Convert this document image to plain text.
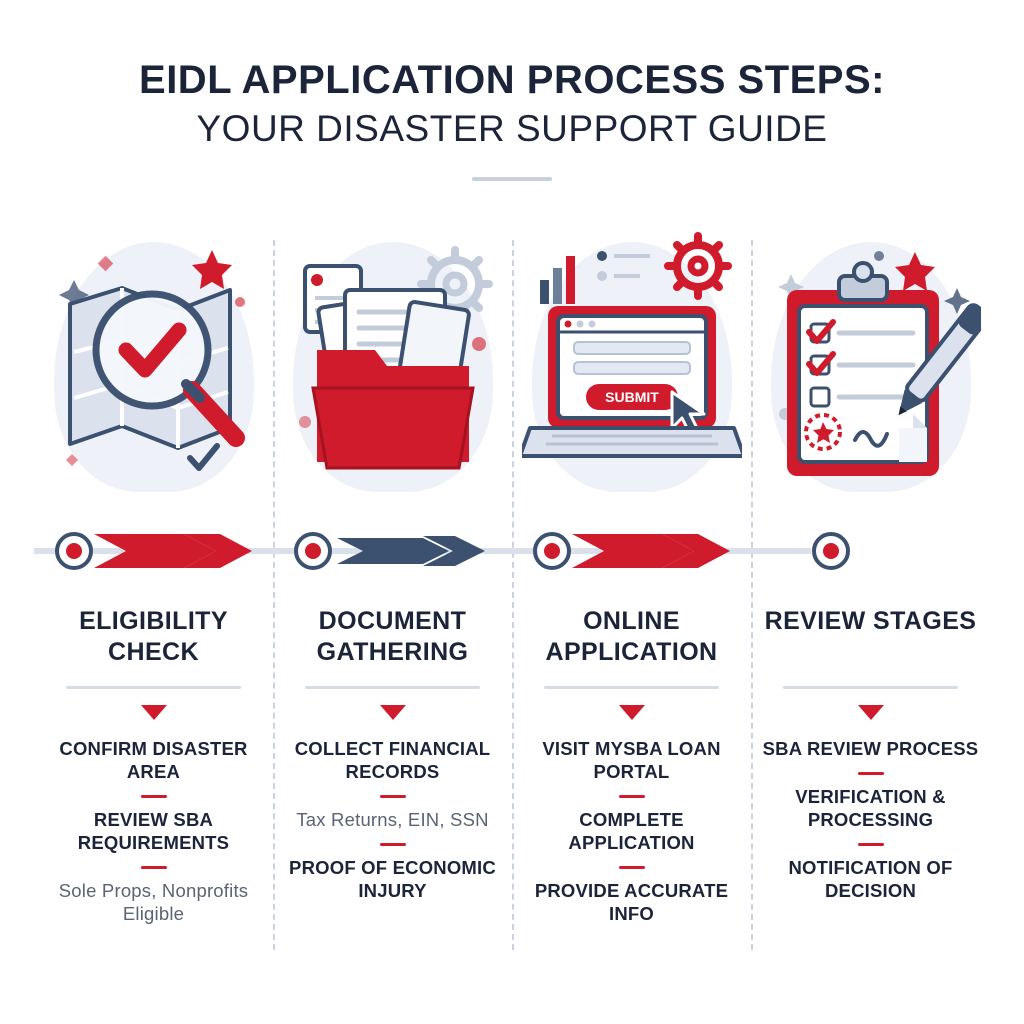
EIDL APPLICATION PROCESS STEPS:
YOUR DISASTER SUPPORT GUIDE
ELIGIBILITY CHECK
CONFIRM DISASTER AREA
REVIEW SBA REQUIREMENTS
Sole Props, Nonprofits Eligible
DOCUMENT GATHERING
COLLECT FINANCIAL RECORDS
Tax Returns, EIN, SSN
PROOF OF ECONOMIC INJURY
SUBMIT
ONLINE APPLICATION
VISIT MYSBA LOAN PORTAL
COMPLETE APPLICATION
PROVIDE ACCURATE INFO
REVIEW STAGES
SBA REVIEW PROCESS
VERIFICATION & PROCESSING
NOTIFICATION OF DECISION
